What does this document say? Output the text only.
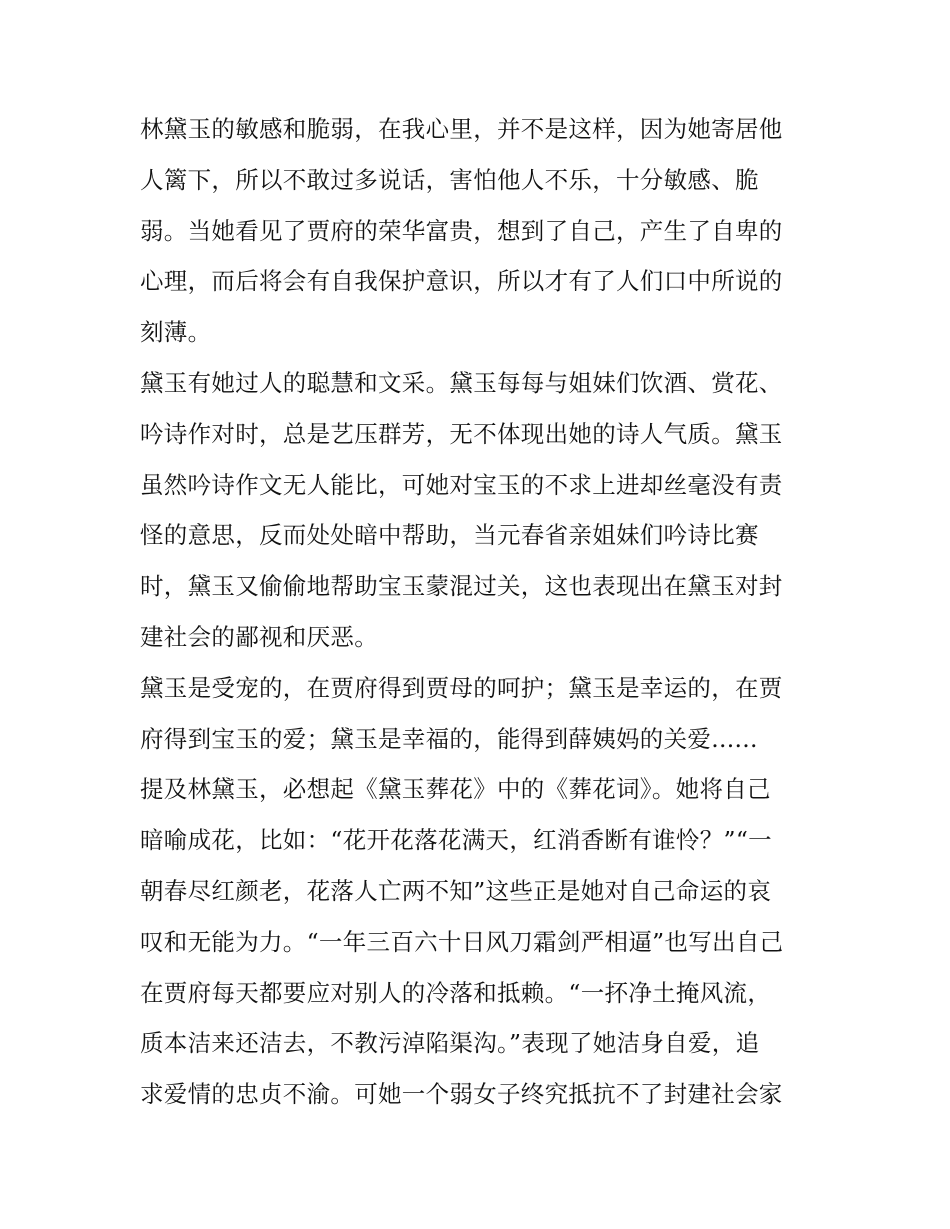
林黛玉的敏感和脆弱，在我心里，并不是这样，因为她寄居他
人篱下，所以不敢过多说话，害怕他人不乐，十分敏感、脆
弱。当她看见了贾府的荣华富贵，想到了自己，产生了自卑的
心理，而后将会有自我保护意识，所以才有了人们口中所说的
刻薄。
黛玉有她过人的聪慧和文采。黛玉每每与姐妹们饮酒、赏花、
吟诗作对时，总是艺压群芳，无不体现出她的诗人气质。黛玉
虽然吟诗作文无人能比，可她对宝玉的不求上进却丝毫没有责
怪的意思，反而处处暗中帮助，当元春省亲姐妹们吟诗比赛
时，黛玉又偷偷地帮助宝玉蒙混过关，这也表现出在黛玉对封
建社会的鄙视和厌恶。
黛玉是受宠的，在贾府得到贾母的呵护；黛玉是幸运的，在贾
府得到宝玉的爱；黛玉是幸福的，能得到薛姨妈的关爱......
提及林黛玉，必想起《黛玉葬花》中的《葬花词》。她将自己
暗喻成花，比如：“花开花落花满天，红消香断有谁怜？”“一
朝春尽红颜老，花落人亡两不知”这些正是她对自己命运的哀
叹和无能为力。“一年三百六十日风刀霜剑严相逼”也写出自己
在贾府每天都要应对别人的冷落和抵赖。“一抔净土掩风流，
质本洁来还洁去，不教污淖陷渠沟。”表现了她洁身自爱，追
求爱情的忠贞不渝。可她一个弱女子终究抵抗不了封建社会家
